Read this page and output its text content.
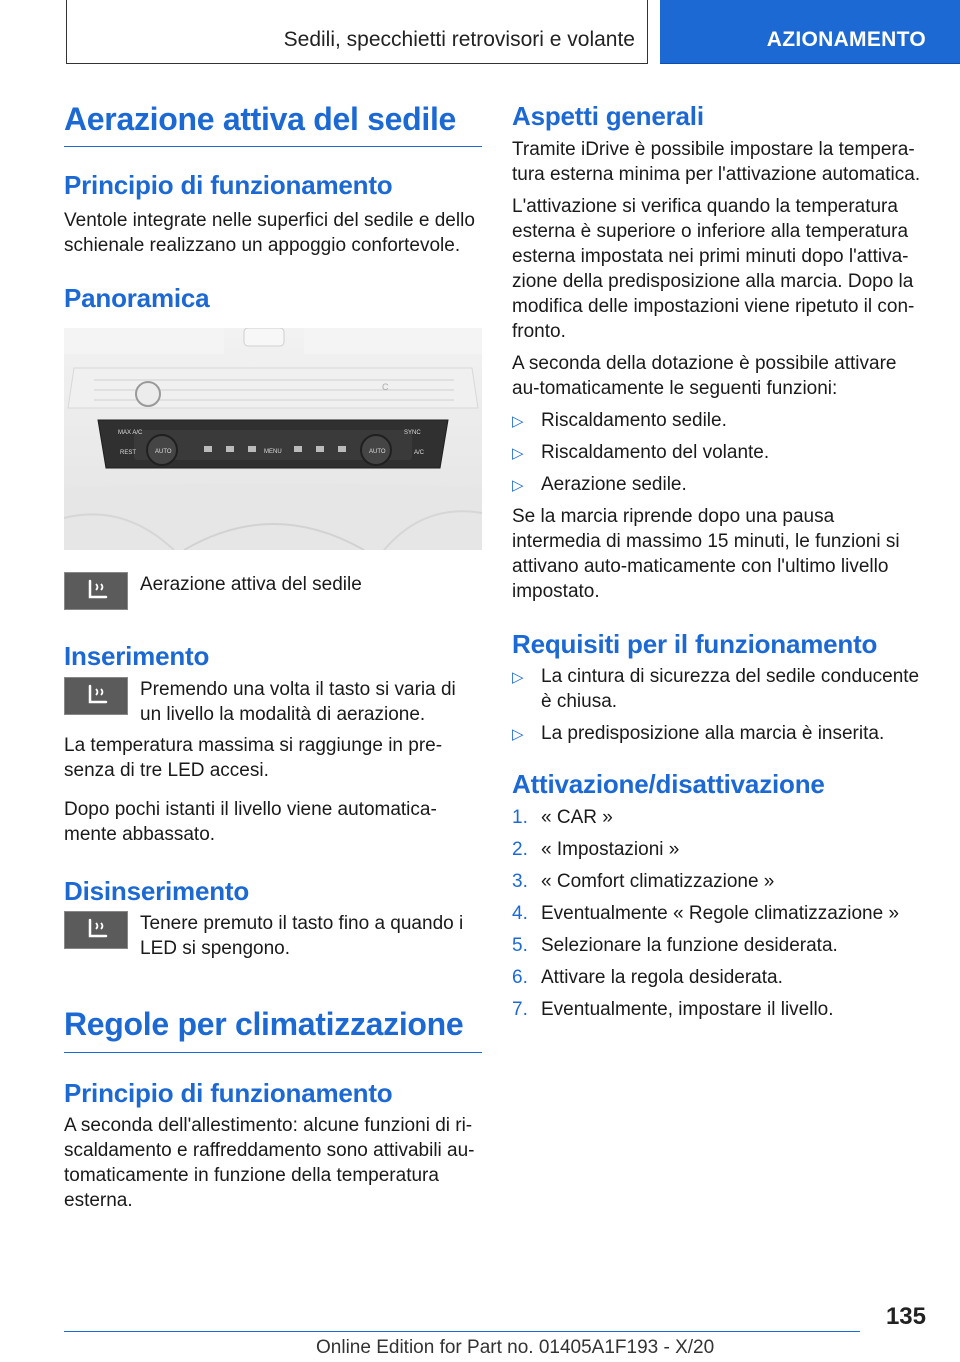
Sedili, specchietti retrovisori e volante	AZIONAMENTO
Aerazione attiva del sedile
Principio di funzionamento

Ventole integrate nelle superfici del sedile e dello schienale realizzano un appoggio confortevole.

Panoramica
C
AUTO	AUTO
MAX A/C
REST
SYNC
A/C
MENU

Aerazione attiva del sedile

Inserimento

Premendo una volta il tasto si varia di un livello la modalità di aerazione.

La temperatura massima si raggiunge in pre‐senza di tre LED accesi.

Dopo pochi istanti il livello viene automatica‐mente abbassato.

Disinserimento

Tenere premuto il tasto fino a quando i LED si spengono.

Regole per climatizzazione
Principio di funzionamento

A seconda dell'allestimento: alcune funzioni di ri‐scaldamento e raffreddamento sono attivabili au‐tomaticamente in funzione della temperatura esterna.

Aspetti generali

Tramite iDrive è possibile impostare la tempera‐tura esterna minima per l'attivazione automatica.

L'attivazione si verifica quando la temperatura esterna è superiore o inferiore alla temperatura esterna impostata nei primi minuti dopo l'attiva‐zione della predisposizione alla marcia. Dopo la modifica delle impostazioni viene ripetuto il con‐fronto.

A seconda della dotazione è possibile attivare au‐tomaticamente le seguenti funzioni:

▷ Riscaldamento sedile.
▷ Riscaldamento del volante.
▷ Aerazione sedile.

Se la marcia riprende dopo una pausa intermedia di massimo 15 minuti, le funzioni si attivano auto‐maticamente con l'ultimo livello impostato.

Requisiti per il funzionamento
▷ La cintura di sicurezza del sedile conducente è chiusa.
▷ La predisposizione alla marcia è inserita.
Attivazione/disattivazione
1. « CAR »
2. « Impostazioni »
3. « Comfort climatizzazione »
4. Eventualmente « Regole climatizzazione »
5. Selezionare la funzione desiderata.
6. Attivare la regola desiderata.
7. Eventualmente, impostare il livello.
135
Online Edition for Part no. 01405A1F193 - X/20
